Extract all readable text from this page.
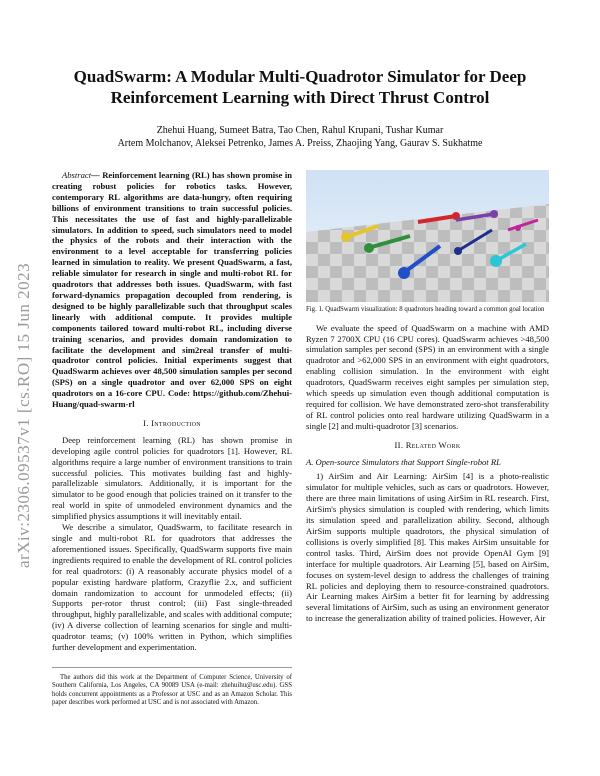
arXiv:2306.09537v1 [cs.RO] 15 Jun 2023
QuadSwarm: A Modular Multi-Quadrotor Simulator for Deep Reinforcement Learning with Direct Thrust Control
Zhehui Huang, Sumeet Batra, Tao Chen, Rahul Krupani, Tushar Kumar
Artem Molchanov, Aleksei Petrenko, James A. Preiss, Zhaojing Yang, Gaurav S. Sukhatme

Abstract— Reinforcement learning (RL) has shown promise in creating robust policies for robotics tasks. However, contemporary RL algorithms are data-hungry, often requiring billions of environment transitions to train successful policies. This necessitates the use of fast and highly-parallelizable simulators. In addition to speed, such simulators need to model the physics of the robots and their interaction with the environment to a level acceptable for transferring policies learned in simulation to reality. We present QuadSwarm, a fast, reliable simulator for research in single and multi-robot RL for quadrotors that addresses both issues. QuadSwarm, with fast forward-dynamics propagation decoupled from rendering, is designed to be highly parallelizable such that throughput scales linearly with additional compute. It provides multiple components tailored toward multi-robot RL, including diverse training scenarios, and provides domain randomization to facilitate the development and sim2real transfer of multi-quadrotor control policies. Initial experiments suggest that QuadSwarm achieves over 48,500 simulation samples per second (SPS) on a single quadrotor and over 62,000 SPS on eight quadrotors on a 16-core CPU. Code: https://github.com/Zhehui-Huang/quad-swarm-rl

I. Introduction

Deep reinforcement learning (RL) has shown promise in developing agile control policies for quadrotors [1]. However, RL algorithms require a large number of environment transitions to train successful policies. This motivates building fast and highly-parallelizable simulators. Additionally, it is important for the simulator to be good enough that policies trained on it transfer to the real world in spite of unmodeled environment dynamics and the simplified physics assumptions it will inevitably entail.

We describe a simulator, QuadSwarm, to facilitate research in single and multi-robot RL for quadrotors that addresses the aforementioned issues. Specifically, QuadSwarm supports five main ingredients required to enable the development of RL control policies for real quadrotors: (i) A reasonably accurate physics model of a popular existing hardware platform, Crazyflie 2.x, and sufficient domain randomization to account for unmodeled effects; (ii) Supports per-rotor thrust control; (iii) Fast single-threaded throughput, highly parallelizable, and scales with additional compute; (iv) A diverse collection of learning scenarios for single and multi-quadrotor teams; (v) 100% written in Python, which simplifies further development and experimentation.

The authors did this work at the Department of Computer Science, University of Southern California, Los Angeles, CA 90089 USA (e-mail: zhehuihu@usc.edu). GSS holds concurrent appointments as a Professor at USC and as an Amazon Scholar. This paper describes work performed at USC and is not associated with Amazon.

Fig. 1. QuadSwarm visualization: 8 quadrotors heading toward a common goal location

We evaluate the speed of QuadSwarm on a machine with AMD Ryzen 7 2700X CPU (16 CPU cores). QuadSwarm achieves >48,500 simulation samples per second (SPS) in an environment with a single quadrotor and >62,000 SPS in an environment with eight quadrotors, enabling collision simulation. In the environment with eight quadrotors, QuadSwarm receives eight samples per simulation step, which speeds up simulation even though additional computation is required for collision. We have demonstrated zero-shot transferability of RL control policies onto real hardware utilizing QuadSwarm in a single [2] and multi-quadrotor [3] scenarios.

II. Related Work
A. Open-source Simulators that Support Single-robot RL

1) AirSim and Air Learning: AirSim [4] is a photo-realistic simulator for multiple vehicles, such as cars or quadrotors. However, there are three main limitations of using AirSim in RL research. First, AirSim's physics simulation is coupled with rendering, which limits its simulation speed and parallelization ability. Second, although AirSim supports multiple quadrotors, the physical simulation of collisions is overly simplified [8]. This makes AirSim unsuitable for control tasks. Third, AirSim does not provide OpenAI Gym [9] interface for multiple quadrotors. Air Learning [5], based on AirSim, focuses on system-level design to address the challenges of training RL policies and deploying them to resource-constrained quadrotors. Air Learning makes AirSim a better fit for learning by addressing several limitations of AirSim, such as using an environment generator to increase the generalization ability of trained policies. However, Air
